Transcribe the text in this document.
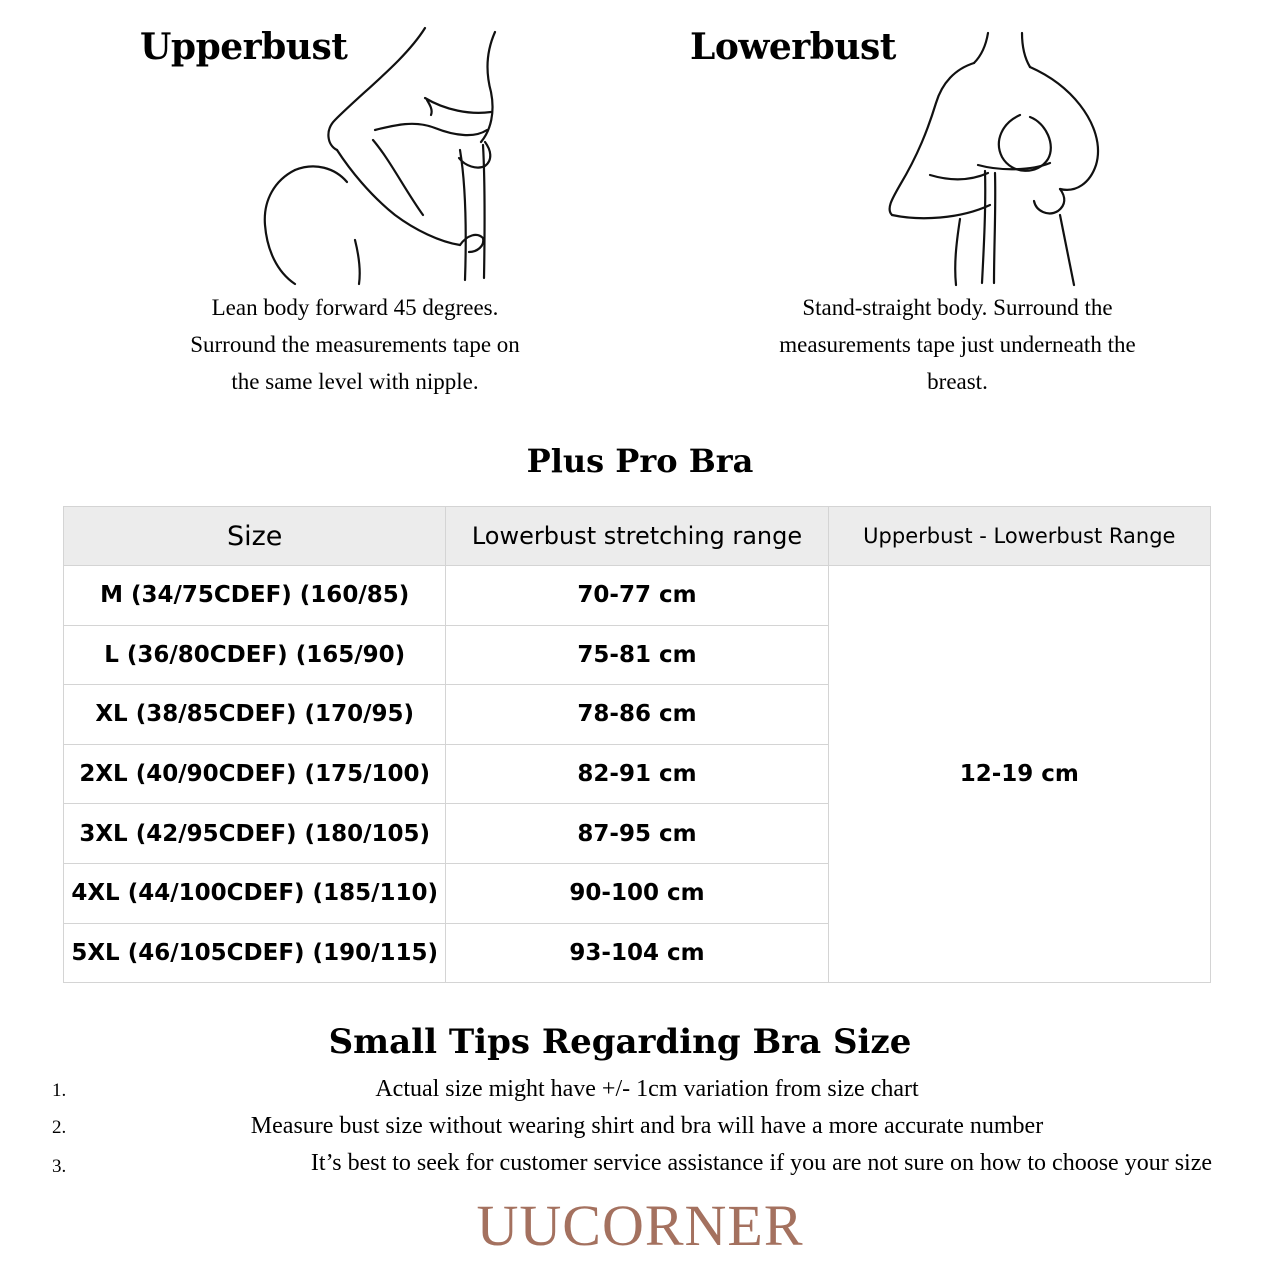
Upperbust	Lowerbust
Lean body forward 45 degrees.
Surround the measurements tape on
the same level with nipple.
Stand-straight body. Surround the
measurements tape just underneath the
breast.
Plus Pro Bra
Size	Lowerbust stretching range	Upperbust - Lowerbust Range
M (34/75CDEF) (160/85)	70-77 cm	12-19 cm
L (36/80CDEF) (165/90)	75-81 cm	
XL (38/85CDEF) (170/95)	78-86 cm	
2XL (40/90CDEF) (175/100)	82-91 cm	
3XL (42/95CDEF) (180/105)	87-95 cm	
4XL (44/100CDEF) (185/110)	90-100 cm	
5XL (46/105CDEF) (190/115)	93-104 cm	
Small Tips Regarding Bra Size
1.	Actual size might have +/- 1cm variation from size chart
2.	Measure bust size without wearing shirt and bra will have a more accurate number
3.	It’s best to seek for customer service assistance if you are not sure on how to choose your size
UUCORNER
